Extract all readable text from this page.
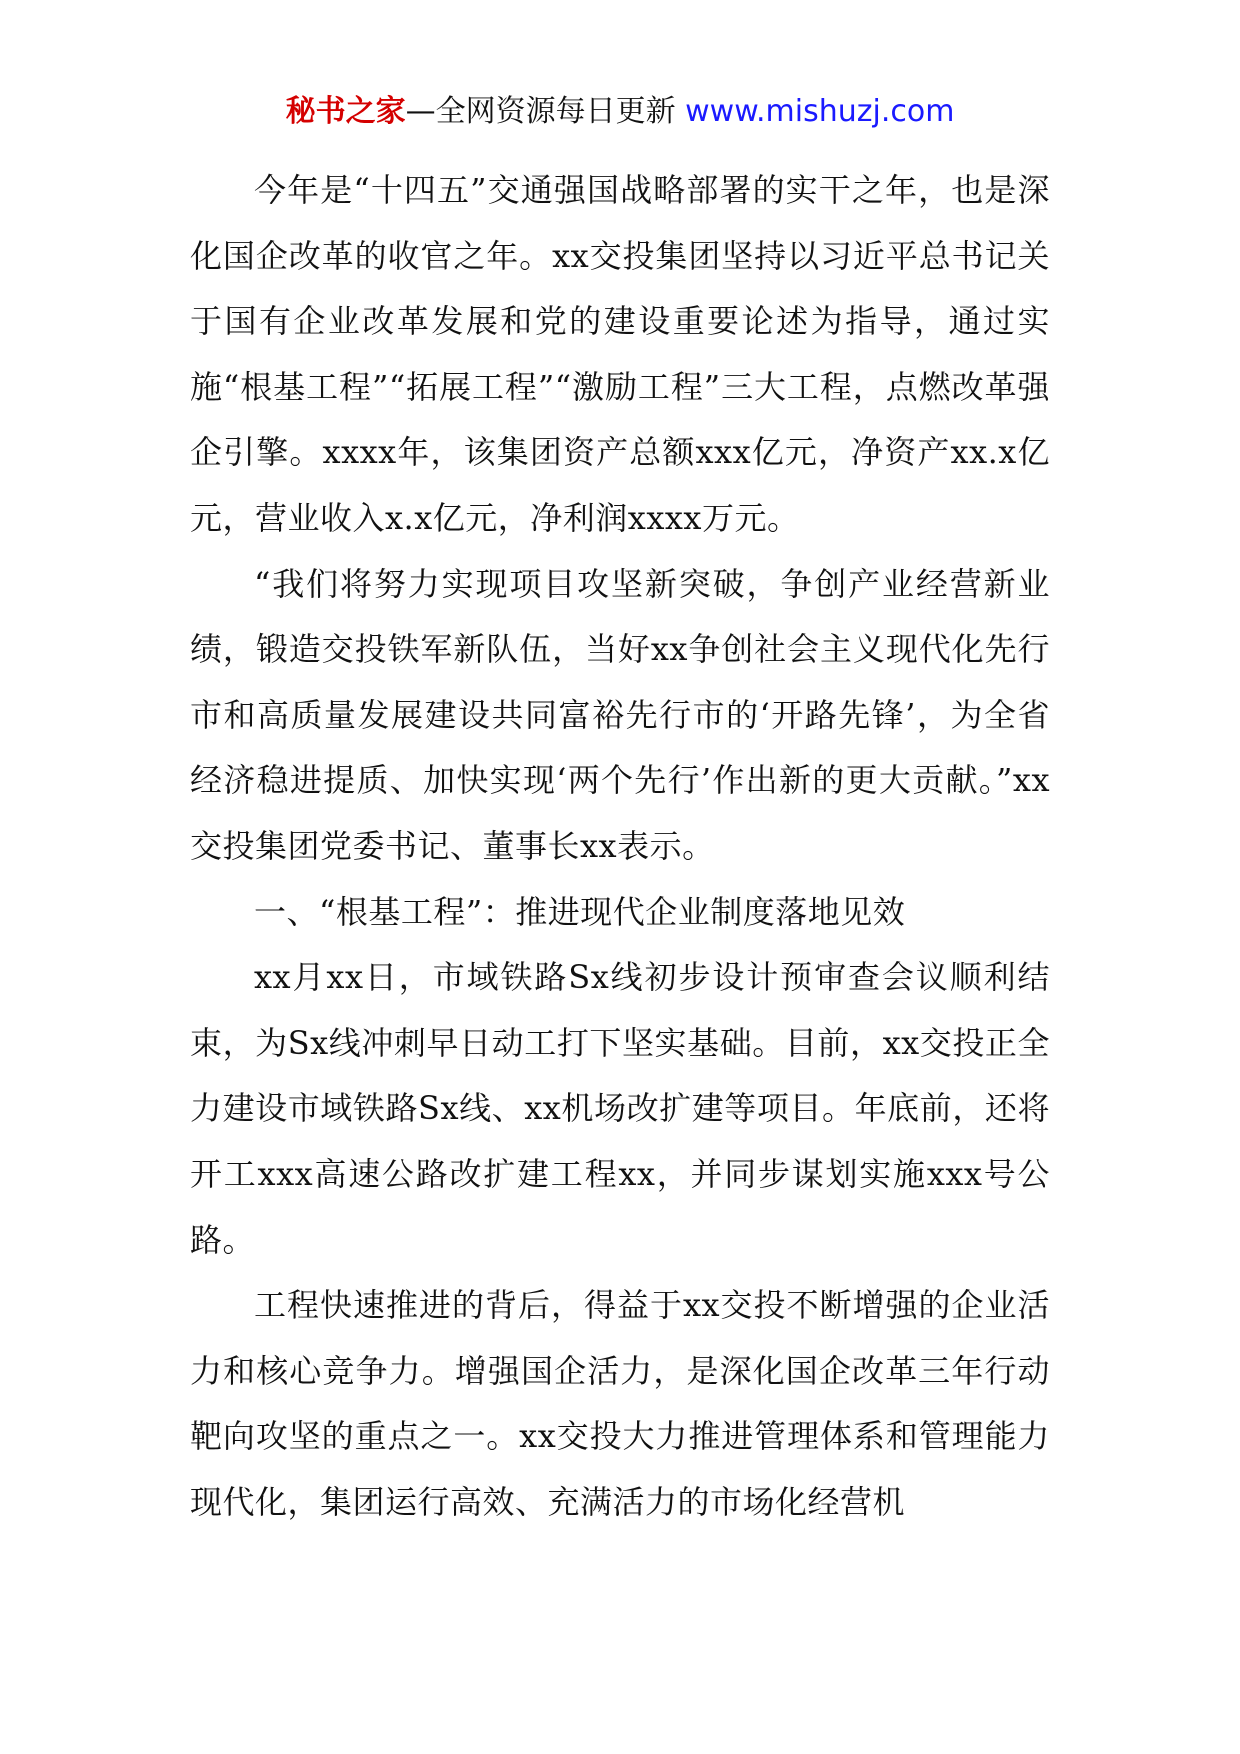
秘书之家—全网资源每日更新 www.mishuzj.com

今年是“十四五”交通强国战略部署的实干之年，也是深化国企改革的收官之年。xx交投集团坚持以习近平总书记关于国有企业改革发展和党的建设重要论述为指导，通过实施“根基工程”“拓展工程”“激励工程”三大工程，点燃改革强企引擎。xxxx年，该集团资产总额xxx亿元，净资产xx.x亿元，营业收入x.x亿元，净利润xxxx万元。

“我们将努力实现项目攻坚新突破，争创产业经营新业绩，锻造交投铁军新队伍，当好xx争创社会主义现代化先行市和高质量发展建设共同富裕先行市的‘开路先锋’，为全省经济稳进提质、加快实现‘两个先行’作出新的更大贡献。”xx交投集团党委书记、董事长xx表示。

一、“根基工程”：推进现代企业制度落地见效

xx月xx日，市域铁路Sx线初步设计预审查会议顺利结束，为Sx线冲刺早日动工打下坚实基础。目前，xx交投正全力建设市域铁路Sx线、xx机场改扩建等项目。年底前，还将开工xxx高速公路改扩建工程xx，并同步谋划实施xxx号公路。

工程快速推进的背后，得益于xx交投不断增强的企业活力和核心竞争力。增强国企活力，是深化国企改革三年行动靶向攻坚的重点之一。xx交投大力推进管理体系和管理能力现代化，集团运行高效、充满活力的市场化经营机
